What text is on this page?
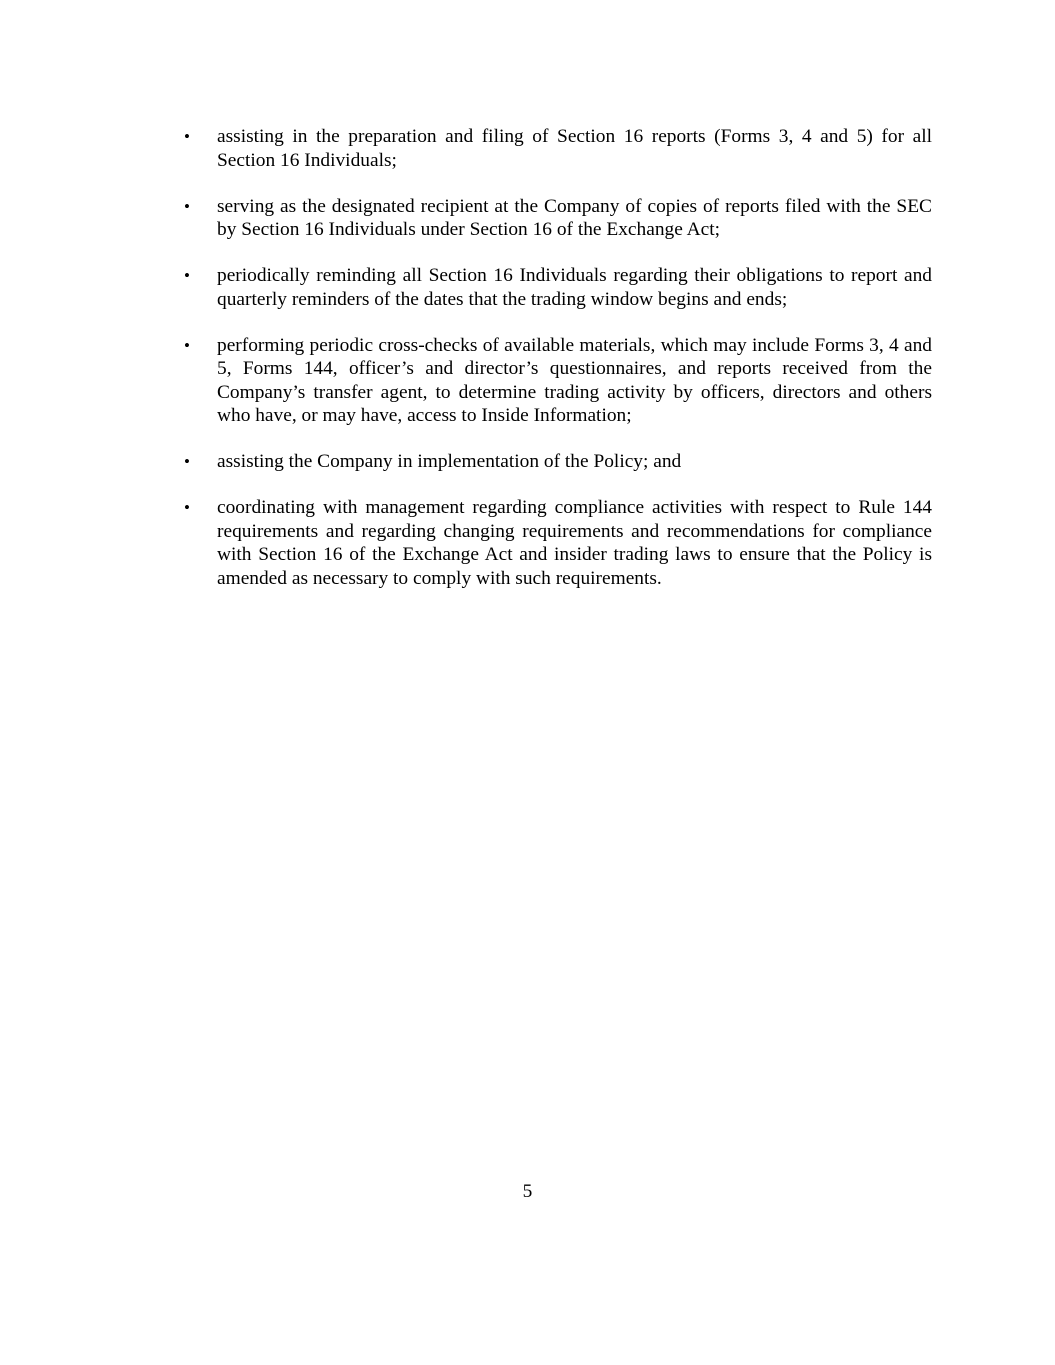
•	assisting in the preparation and filing of Section 16 reports (Forms 3, 4 and 5) for all Section 16 Individuals;
•	serving as the designated recipient at the Company of copies of reports filed with the SEC by Section 16 Individuals under Section 16 of the Exchange Act;
•	periodically reminding all Section 16 Individuals regarding their obligations to report and quarterly reminders of the dates that the trading window begins and ends;
•	performing periodic cross-checks of available materials, which may include Forms 3, 4 and 5, Forms 144, officer’s and director’s questionnaires, and reports received from the Company’s transfer agent, to determine trading activity by officers, directors and others who have, or may have, access to Inside Information;
•	assisting the Company in implementation of the Policy; and
•	coordinating with management regarding compliance activities with respect to Rule 144 requirements and regarding changing requirements and recommendations for compliance with Section 16 of the Exchange Act and insider trading laws to ensure that the Policy is amended as necessary to comply with such requirements.
5
